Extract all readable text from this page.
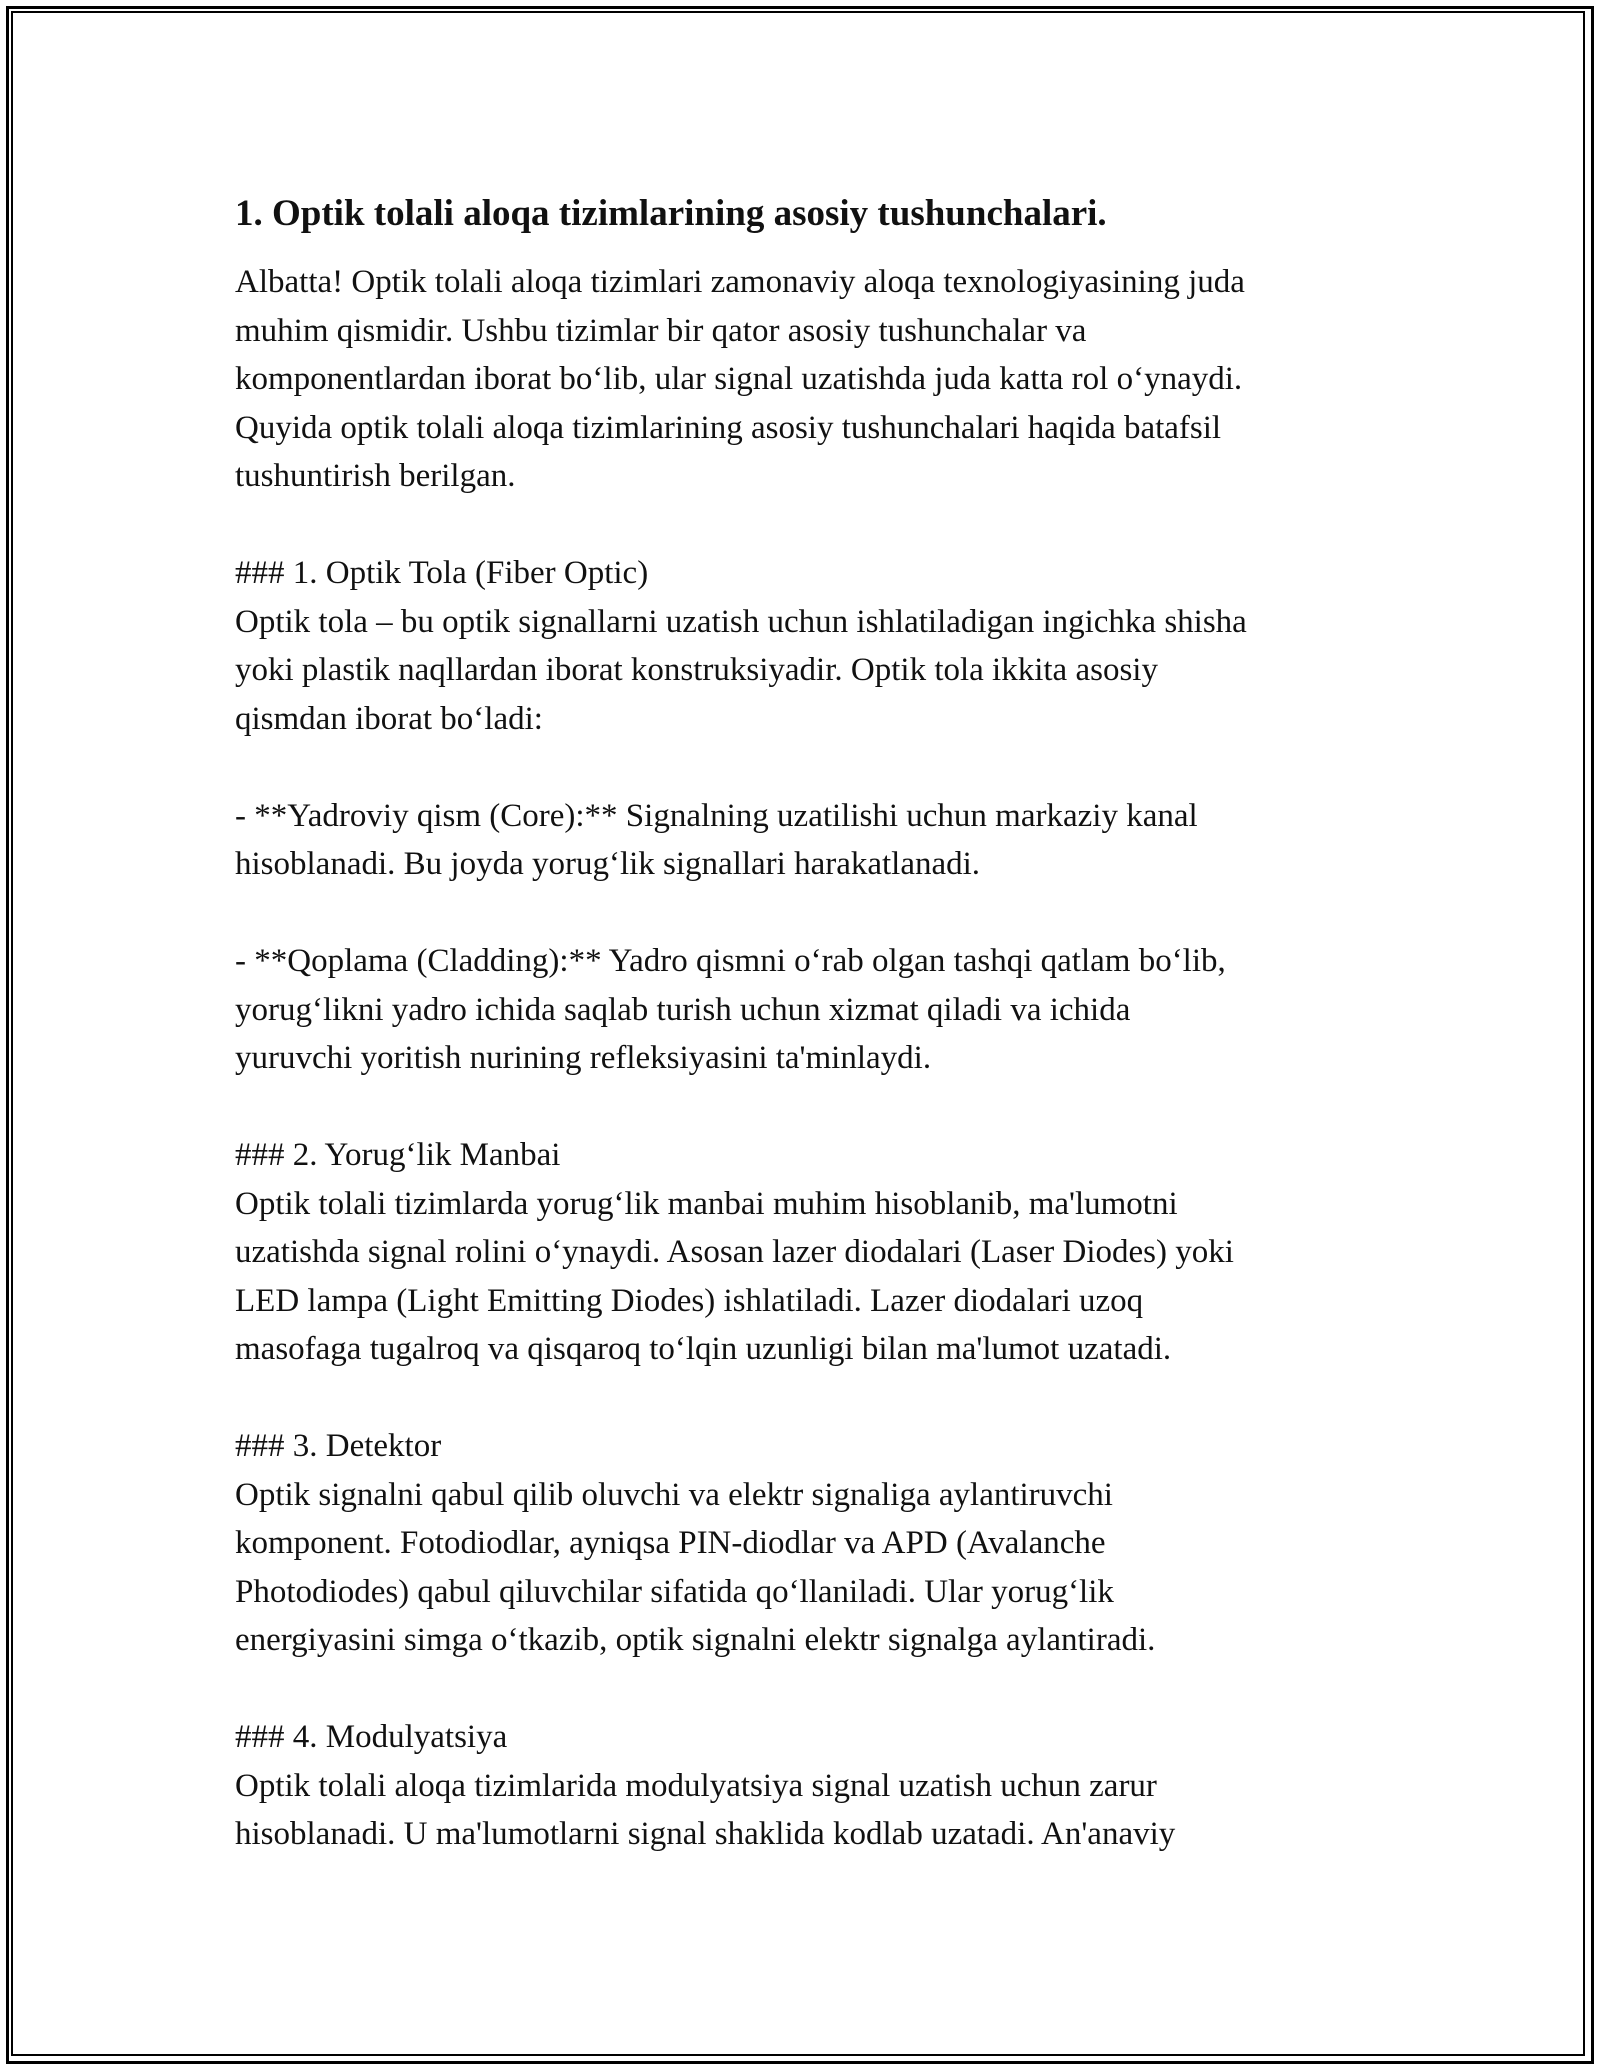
1. Optik tolali aloqa tizimlarining asosiy tushunchalari.
Albatta! Optik tolali aloqa tizimlari zamonaviy aloqa texnologiyasining juda
muhim qismidir. Ushbu tizimlar bir qator asosiy tushunchalar va
komponentlardan iborat bo‘lib, ular signal uzatishda juda katta rol o‘ynaydi.
Quyida optik tolali aloqa tizimlarining asosiy tushunchalari haqida batafsil
tushuntirish berilgan.
### 1. Optik Tola (Fiber Optic)
Optik tola – bu optik signallarni uzatish uchun ishlatiladigan ingichka shisha
yoki plastik naqllardan iborat konstruksiyadir. Optik tola ikkita asosiy
qismdan iborat bo‘ladi:
- **Yadroviy qism (Core):** Signalning uzatilishi uchun markaziy kanal
hisoblanadi. Bu joyda yorug‘lik signallari harakatlanadi.
- **Qoplama (Cladding):** Yadro qismni o‘rab olgan tashqi qatlam bo‘lib,
yorug‘likni yadro ichida saqlab turish uchun xizmat qiladi va ichida
yuruvchi yoritish nurining refleksiyasini ta'minlaydi.
### 2. Yorug‘lik Manbai
Optik tolali tizimlarda yorug‘lik manbai muhim hisoblanib, ma'lumotni
uzatishda signal rolini o‘ynaydi. Asosan lazer diodalari (Laser Diodes) yoki
LED lampa (Light Emitting Diodes) ishlatiladi. Lazer diodalari uzoq
masofaga tugalroq va qisqaroq to‘lqin uzunligi bilan ma'lumot uzatadi.
### 3. Detektor
Optik signalni qabul qilib oluvchi va elektr signaliga aylantiruvchi
komponent. Fotodiodlar, ayniqsa PIN-diodlar va APD (Avalanche
Photodiodes) qabul qiluvchilar sifatida qo‘llaniladi. Ular yorug‘lik
energiyasini simga o‘tkazib, optik signalni elektr signalga aylantiradi.
### 4. Modulyatsiya
Optik tolali aloqa tizimlarida modulyatsiya signal uzatish uchun zarur
hisoblanadi. U ma'lumotlarni signal shaklida kodlab uzatadi. An'anaviy
